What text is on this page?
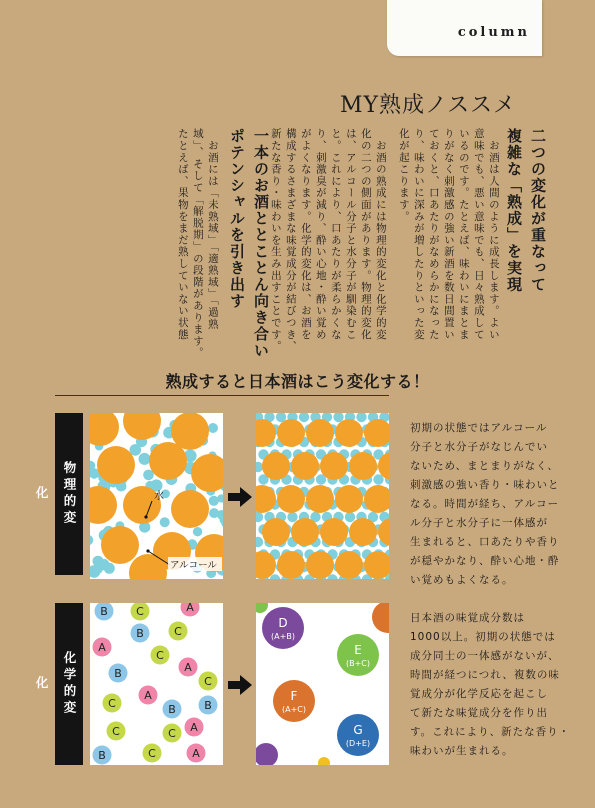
column
MY熟成ノススメ
熟成すると日本酒はこう変化する！
物理的変化	水
アルコール
初期の状態ではアルコール
分子と水分子がなじんでい
ないため、まとまりがなく、
刺激感の強い香り・味わいと
なる。時間が経ち、アルコー
ル分子と水分子に一体感が
生まれると、口あたりや香り
が穏やかなり、酔い心地・酔
い覚めもよくなる。
化学的変化
B	C	A
B	C
A
C
B	A
C
A
B
C	B
C	A
C
B	C	A
D
(A+B)
E
(B+C)
F
(A+C)
G
(D+E)
日本酒の味覚成分数は
1000以上。初期の状態では
成分同士の一体感がないが、
時間が経つにつれ、複数の味
覚成分が化学反応を起こし
て新たな味覚成分を作り出
す。これにより、新たな香り・
味わいが生まれる。
二つの変化が重なって
複雑な「熟成」を実現
　お酒は人間のように成長します。よい
意味でも、悪い意味でも、日々熟成して
いるのです。たとえば、味わいにまとま
りがなく刺激感の強い新酒を数日間置い
ておくと、口あたりがなめらかになった
り、味わいに深みが増したりといった変
化が起こります。
　お酒の熟成には物理的変化と化学的変
化の二つの側面があります。物理的変化
は、アルコール分子と水分子が馴染むこ
と。これにより、口あたりが柔らかくな
り、刺激臭が減り、酔い心地・酔い覚め
がよくなります。化学的変化は、お酒を
構成するさまざまな味覚成分が結びつき、
新たな香り・味わいを生み出すことです。
一本のお酒ととことん向き合い
ポテンシャルを引き出す
　お酒には「未熟域」「適熟域」「過熟
域」、そして「解脱期」の段階があります。
たとえば、果物をまだ熟していない状態
